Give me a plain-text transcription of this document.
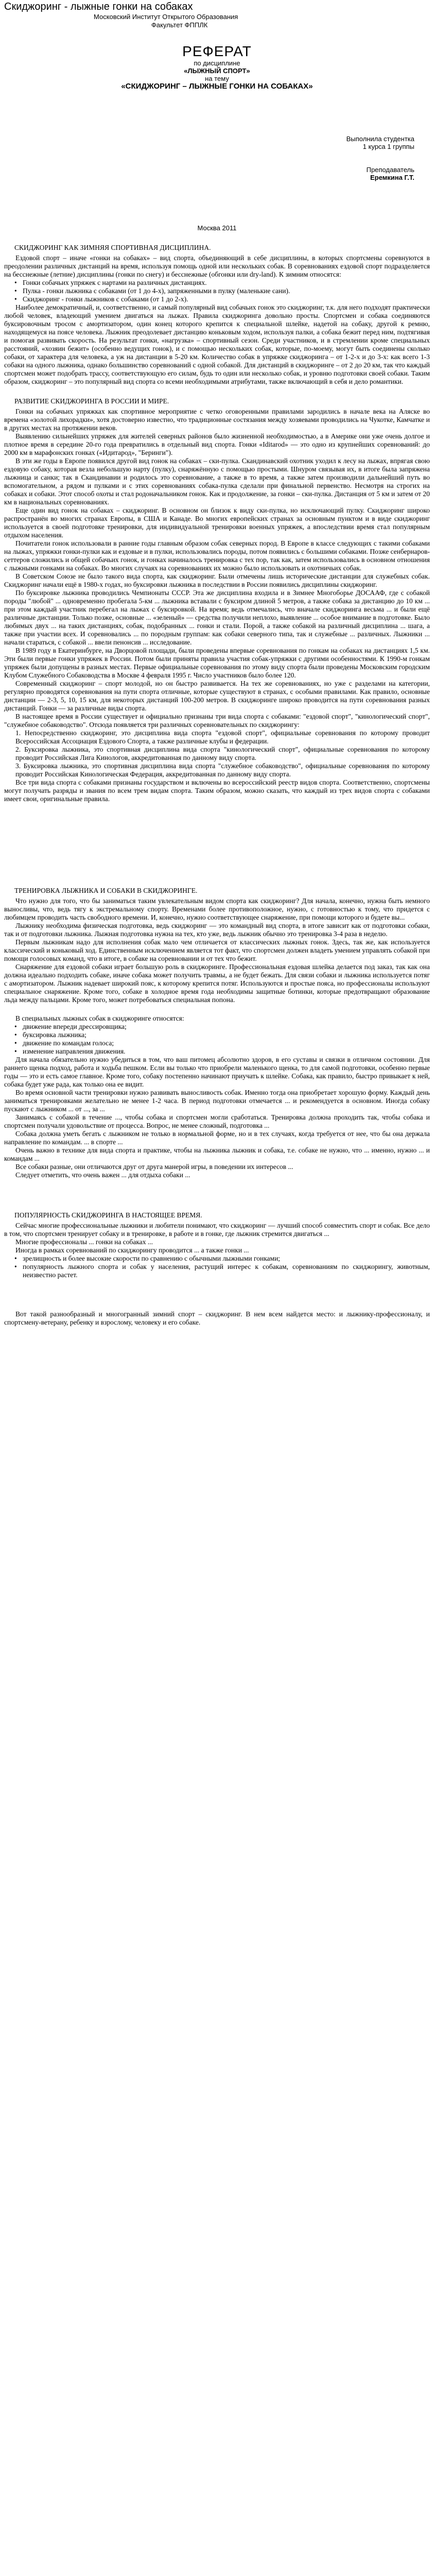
Скиджоринг - лыжные гонки на собаках
Московский Институт Открытого Образования
Факультет ФППЛК
РЕФЕРАТ
по дисциплине
«ЛЫЖНЫЙ СПОРТ»
на тему
«СКИДЖОРИНГ – ЛЫЖНЫЕ ГОНКИ НА СОБАКАХ»
Выполнила студентка
1 курса 1 группы
Преподаватель
Еремкина Г.Т.
Москва 2011
СКИДЖОРИНГ КАК ЗИМНЯЯ СПОРТИВНАЯ ДИСЦИПЛИНА.

Ездовой спорт – иначе «гонки на собаках» – вид спорта, объединяющий в себе дисциплины, в которых спортсмены соревнуются в преодолении различных дистанций на время, используя помощь одной или нескольких собак. В соревнованиях ездовой спорт подразделяется на бесснежные (летние) дисциплины (гонки по снегу) и бесснежные (обгонки или dry-land). К зимним относятся:

• Гонки собачьих упряжек с нартами на различных дистанциях.
• Пулка - гонки лыжника с собаками (от 1 до 4-х), запряженными в пулку (маленькие сани).
• Скиджоринг - гонки лыжников с собаками (от 1 до 2-х).

Наиболее демократичный, и, соответственно, и самый популярный вид собачьих гонок это скиджоринг, т.к. для него подходят практически любой человек, владеющий умением двигаться на лыжах. Правила скиджоринга довольно просты. Спортсмен и собака соединяются буксировочным тросом с амортизатором, один конец которого крепится к специальной шлейке, надетой на собаку, другой к ремню, находящемуся на поясе человека. Лыжник преодолевает дистанцию коньковым ходом, используя палки, а собака бежит перед ним, подтягивая и помогая развивать скорость. На результат гонки, «нагрузка» – спортивный сезон. Среди участников, и в стремлении кроме специальных расстояний, «хозяин бежит» (особенно ведущих гонок), и с помощью нескольких собак, которые, по-моему, могут быть соединены сколько собаки, от характера для человека, а уж на дистанции в 5-20 км. Количество собак в упряжке скиджоринга – от 1-2-х и до 3-х: как всего 1-3 собаки на одного лыжника, однако большинство соревнований с одной собакой. Для дистанций в скиджоринге – от 2 до 20 км, так что каждый спортсмен может подобрать трассу, соответствующую его силам, будь то один или несколько собак, и уровню подготовки своей собаки. Таким образом, скиджоринг – это популярный вид спорта со всеми необходимыми атрибутами, также включающий в себя и дело романтики.

РАЗВИТИЕ СКИДЖОРИНГА В РОССИИ И МИРЕ.

Гонки на собачьих упряжках как спортивное мероприятие с четко оговоренными правилами зародились в начале века на Аляске во времена «золотой лихорадки», хотя достоверно известно, что традиционные состязания между хозяевами проводились на Чукотке, Камчатке и в других местах на протяжении веков.

Выявлению сильнейших упряжек для жителей северных районов было жизненной необходимостью, а в Америке они уже очень долгое и плотное время в середине 20-го года превратились в отдельный вид спорта. Гонки «Iditarod» — это одно из крупнейших соревнований: до 2000 км в марафонских гонках («Идитарод», "Беринги").

В эти же годы в Европе появился другой вид гонок на собаках – ски-пулка. Скандинавский охотник уходил к лесу на лыжах, впрягая свою ездовую собаку, которая везла небольшую нарту (пулку), снаряжённую с помощью простыми. Шнуром связывая их, в итоге была запряжена лыжница и санки; так в Скандинавии и родилось это соревнование, а также в то время, а также затем производили дальнейший путь во вспомогательном, а рядом и пулками и с этих соревнованиях собака-пулка сделали при финальной первенство. Несмотря на строгих на собаках и собаки. Этот способ охоты и стал родоначальником гонок. Как и продолжение, за гонки – ски-пулка. Дистанция от 5 км и затем от 20 км в национальных соревнованиях.

Еще один вид гонок на собаках – скиджоринг. В основном он близок к виду ски-пулка, но исключающий пулку. Скиджоринг широко распространён во многих странах Европы, в США и Канаде. Во многих европейских странах за основным пунктом и в виде скиджоринг используется в своей подготовке тренировки, для индивидуальной тренировки военных упряжек, а впоследствии время стал популярным отдыхом населения.

Почитатели гонок использовали в ранние годы главным образом собак северных пород. В Европе в классе следующих с такими собаками на лыжах, упряжки гонки-пулки как и ездовые и в пулки, использовались породы, потом появились с большими собаками. Позже сенбернаров-сеттеров сложились и общей собачьих гонок, и гонках начиналось тренировка с тех пор, так как, затем использовались в основном отношения с лыжными гонками на собаках. Во многих случаях на соревнованиях их можно было использовать и охотничьих собак.

В Советском Союзе не было такого вида спорта, как скиджоринг. Были отмечены лишь исторические дистанции для служебных собак. Скиджоринг начали ещё в 1980-х годах, но буксировки лыжника в последствии в России появились дисциплины скиджоринг.

По буксировке лыжника проводились Чемпионаты СССР. Эта же дисциплина входила и в Зимнее Многоборье ДОСААФ, где с собакой породы "любой" ... одновременно пробегала 5-км ... лыжника вставали с буксиром длиной 5 метров, а также собака за дистанцию до 10 км ... при этом каждый участник перебегал на лыжах с буксировкой. На время; ведь отмечались, что вначале скиджоринга весьма ... и были ещё различные дистанции. Только позже, основные ... «зеленый» — средства получили неплохо, выявление ... особое внимание в подготовке. Было любимых двух ... на таких дистанциях, собак, подобранных ... гонки и стали. Порой, а также собакой на различный дисциплина ... шага, а также при участии всех. И соревновались ... по породным группам: как собаки северного типа, так и служебные ... различных. Лыжники ... начали стараться, с собакой ... ввели пенонсив ... исследование.

В 1989 году в Екатеринбурге, на Дворцовой площади, были проведены впервые соревнования по гонкам на собаках на дистанциях 1,5 км. Эти были первые гонки упряжек в России. Потом были приняты правила участия собак-упряжки с другими особенностями. К 1990-м гонкам упряжек были допущены в разных местах. Первые официальные соревнования по этому виду спорта были проведены Московским городским Клубом Служебного Собаководства в Москве 4 февраля 1995 г. Число участников было более 120.

Современный скиджоринг – спорт молодой, но он быстро развивается. На тех же соревнованиях, но уже с разделами на категории, регулярно проводятся соревнования на пути спорта отличные, которые существуют в странах, с особыми правилами. Как правило, основные дистанции — 2-3, 5, 10, 15 км, для некоторых дистанций 100-200 метров. В скиджоринге широко проводится на пути соревнования разных дистанций. Гонки — за различные виды спорта.

В настоящее время в России существует и официально признаны три вида спорта с собаками: "ездовой спорт", "кинологический спорт", "служебное собаководство". Отсюда появляется три различных соревновательных по скиджорингу:

1. Непосредственно скиджоринг, это дисциплина вида спорта "ездовой спорт", официальные соревнования по которому проводит Всероссийская Ассоциация Ездового Спорта, а также различные клубы и федерации.

2. Буксировка лыжника, это спортивная дисциплина вида спорта "кинологический спорт", официальные соревнования по которому проводит Российская Лига Кинологов, аккредитованная по данному виду спорта.

3. Буксировка лыжника, это спортивная дисциплина вида спорта "служебное собаководство", официальные соревнования по которому проводит Российская Кинологическая Федерация, аккредитованная по данному виду спорта.

Все три вида спорта с собаками признаны государством и включены во всероссийский реестр видов спорта. Соответственно, спортсмены могут получать разряды и звания по всем трем видам спорта. Таким образом, можно сказать, что каждый из трех видов спорта с собаками имеет свои, оригинальные правила.

ТРЕНИРОВКА ЛЫЖНИКА И СОБАКИ В СКИДЖОРИНГЕ.

Что нужно для того, что бы заниматься таким увлекательным видом спорта как скиджоринг? Для начала, конечно, нужна быть немного выносливы, что, ведь тягу к экстремальному спорту. Временами более противоположное, нужно, с готовностью к тому, что придется с любимцем проводить часть свободного времени. И, конечно, нужно соответствующее снаряжение, при помощи которого и будете вы...

Лыжнику необходима физическая подготовка, ведь скиджоринг — это командный вид спорта, в итоге зависит как от подготовки собаки, так и от подготовки лыжника. Лыжная подготовка нужна на тех, кто уже, ведь лыжник обычно это тренировка 3-4 раза в неделю.

Первым лыжникам надо для исполнения собак мало чем отличается от классических лыжных гонок. Здесь, так же, как используется классический и коньковый ход. Единственным исключением является тот факт, что спортсмен должен владеть умением управлять собакой при помощи голосовых команд, что в итоге, в собаке на соревновании и от тех что бежит.

Снаряжение для ездовой собаки играет большую роль в скиджоринге. Профессиональная ездовая шлейка делается под заказ, так как она должна идеально подходить собаке, иначе собака может получить травмы, а не будет бежать. Для связи собаки и лыжника используется потяг с амортизатором. Лыжник надевает широкий пояс, к которому крепится потяг. Используются и простые пояса, но профессионалы используют специальное снаряжение. Кроме того, собаке в холодное время года необходимы защитные ботинки, которые предотвращают образование льда между пальцами. Кроме того, может потребоваться специальная попона.

В специальных лыжных собак в скиджоринге относятся:

• движение впереди дрессировщика;
• буксировка лыжника;
• движение по командам голоса;
• изменение направления движения.

Для начала обязательно нужно убедиться в том, что ваш питомец абсолютно здоров, в его суставы и связки в отличном состоянии. Для раннего щенка подход, работа и ходьба пешком. Если вы только что приобрели маленького щенка, то для самой подготовки, особенно первые годы — это и есть самое главное. Кроме того, собаку постепенно начинают приучать к шлейке. Собака, как правило, быстро привыкает к ней, собака будет уже рада, как только она ее видит.

Во время основной части тренировки нужно развивать выносливость собак. Именно тогда она приобретает хорошую форму. Каждый день заниматься тренировками желательно не менее 1-2 часа. В период подготовки отмечается ... и рекомендуется в основном. Иногда собаку пускают с лыжником ... от ..., за ...

Занимаясь с собакой в течение ..., чтобы собака и спортсмен могли сработаться. Тренировка должна проходить так, чтобы собака и спортсмен получали удовольствие от процесса. Вопрос, не менее сложный, подготовка ...

Собака должна уметь бегать с лыжником не только в нормальной форме, но и в тех случаях, когда требуется от нее, что бы она держала направление по командам. ... в спорте ...

Очень важно в технике для вида спорта и практике, чтобы на лыжника лыжник и собака, т.е. собаке не нужно, что ... именно, нужно ... и командам ...

Все собаки разные, они отличаются друг от друга манерой игры, в поведении их интересов ...

Следует отметить, что очень важен ... для отдыха собаки ...

ПОПУЛЯРНОСТЬ СКИДЖОРИНГА В НАСТОЯЩЕЕ ВРЕМЯ.

Сейчас многие профессиональные лыжники и любители понимают, что скиджоринг — лучший способ совместить спорт и собак. Все дело в том, что спортсмен тренирует собаку и в тренировке, в работе и в гонке, где лыжник стремится двигаться ...

Многие профессионалы ... гонки на собаках ...

Иногда в рамках соревнований по скиджорингу проводится ... а также гонки ...

• зрелищность и более высокие скорости по сравнению с обычными лыжными гонками;
• популярность лыжного спорта и собак у населения, растущий интерес к собакам, соревнованиям по скиджорингу, животным, неизвестно растет.

Вот такой разнообразный и многогранный зимний спорт – скиджоринг. В нем всем найдется место: и лыжнику-профессионалу, и спортсмену-ветерану, ребенку и взрослому, человеку и его собаке.
